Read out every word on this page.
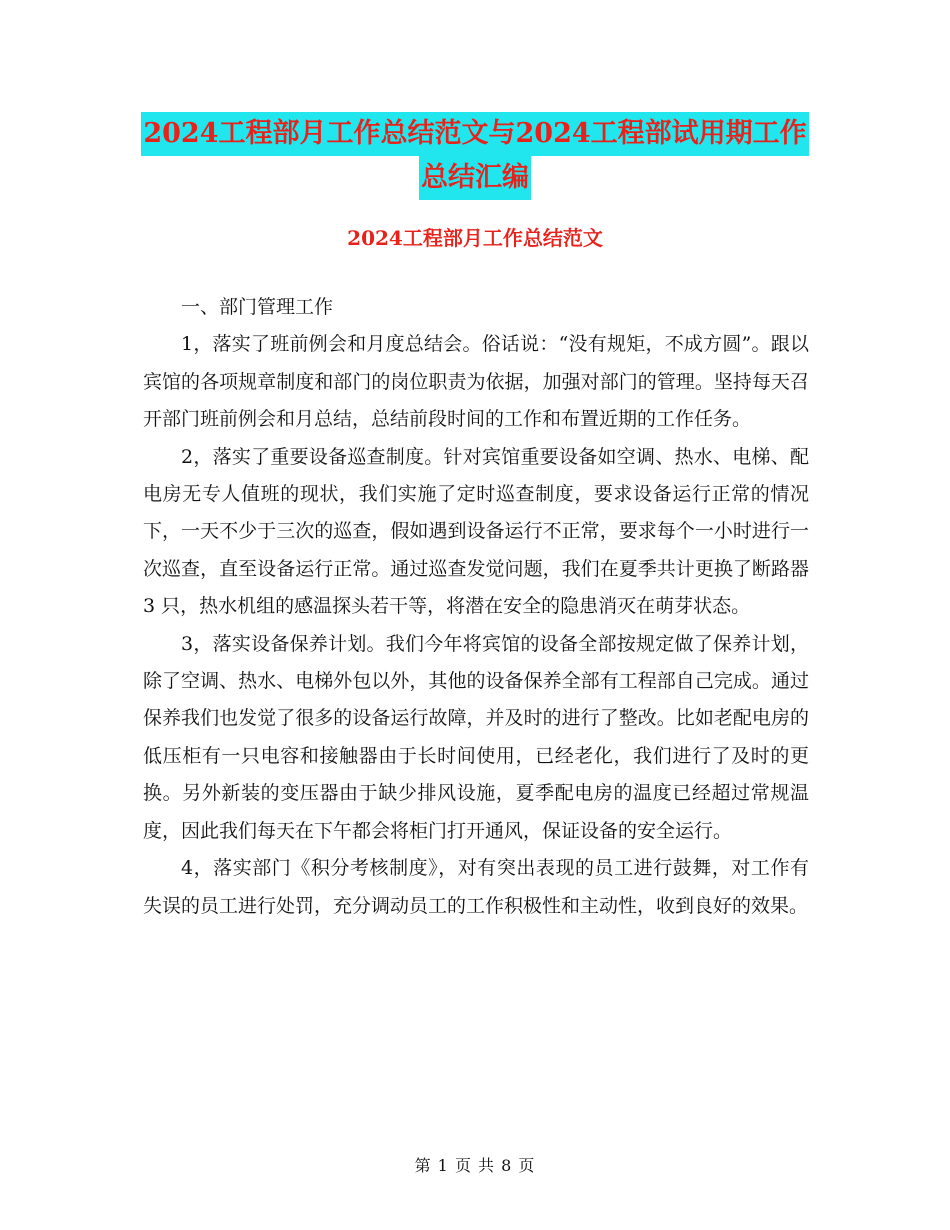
2024工程部月工作总结范文与2024工程部试用期工作
总结汇编
2024工程部月工作总结范文

一、部门管理工作

1，落实了班前例会和月度总结会。俗话说：“没有规矩，不成方圆”。跟以宾馆的各项规章制度和部门的岗位职责为依据，加强对部门的管理。坚持每天召开部门班前例会和月总结，总结前段时间的工作和布置近期的工作任务。

2，落实了重要设备巡查制度。针对宾馆重要设备如空调、热水、电梯、配电房无专人值班的现状，我们实施了定时巡查制度，要求设备运行正常的情况下，一天不少于三次的巡查，假如遇到设备运行不正常，要求每个一小时进行一次巡查，直至设备运行正常。通过巡查发觉问题，我们在夏季共计更换了断路器3 只，热水机组的感温探头若干等，将潜在安全的隐患消灭在萌芽状态。

3，落实设备保养计划。我们今年将宾馆的设备全部按规定做了保养计划，除了空调、热水、电梯外包以外，其他的设备保养全部有工程部自己完成。通过保养我们也发觉了很多的设备运行故障，并及时的进行了整改。比如老配电房的低压柜有一只电容和接触器由于长时间使用，已经老化，我们进行了及时的更换。另外新装的变压器由于缺少排风设施，夏季配电房的温度已经超过常规温度，因此我们每天在下午都会将柜门打开通风，保证设备的安全运行。

4，落实部门《积分考核制度》，对有突出表现的员工进行鼓舞，对工作有失误的员工进行处罚，充分调动员工的工作积极性和主动性，收到良好的效果。

第 1 页 共 8 页
